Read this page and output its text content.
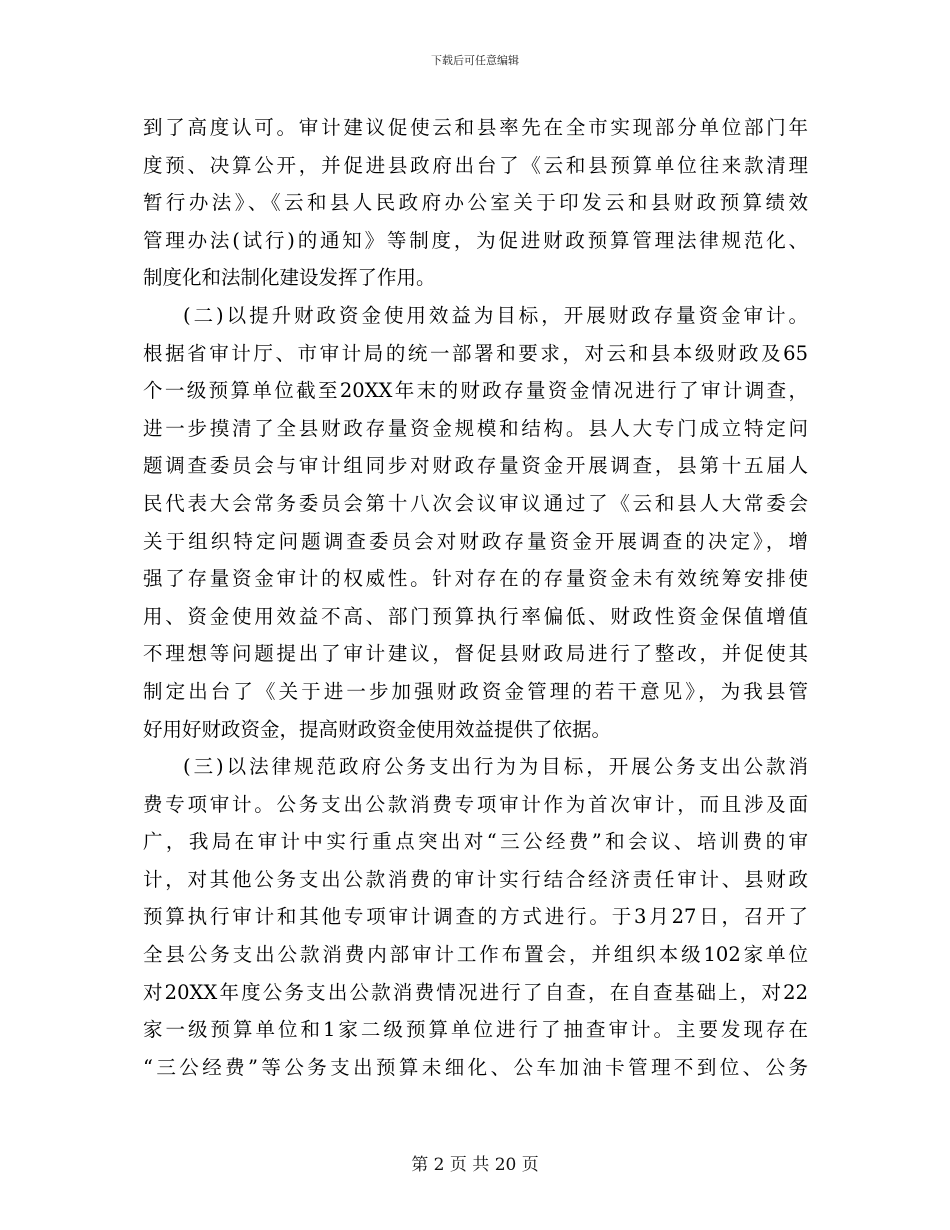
下载后可任意编辑
到了高度认可。审计建议促使云和县率先在全市实现部分单位部门年
度预、决算公开，并促进县政府出台了《云和县预算单位往来款清理
暂行办法》、《云和县人民政府办公室关于印发云和县财政预算绩效
管理办法(试行)的通知》等制度，为促进财政预算管理法律规范化、
制度化和法制化建设发挥了作用。
(二)以提升财政资金使用效益为目标，开展财政存量资金审计。
根据省审计厅、市审计局的统一部署和要求，对云和县本级财政及65
个一级预算单位截至20XX年末的财政存量资金情况进行了审计调查，
进一步摸清了全县财政存量资金规模和结构。县人大专门成立特定问
题调查委员会与审计组同步对财政存量资金开展调查，县第十五届人
民代表大会常务委员会第十八次会议审议通过了《云和县人大常委会
关于组织特定问题调查委员会对财政存量资金开展调查的决定》，增
强了存量资金审计的权威性。针对存在的存量资金未有效统筹安排使
用、资金使用效益不高、部门预算执行率偏低、财政性资金保值增值
不理想等问题提出了审计建议，督促县财政局进行了整改，并促使其
制定出台了《关于进一步加强财政资金管理的若干意见》，为我县管
好用好财政资金，提高财政资金使用效益提供了依据。
(三)以法律规范政府公务支出行为为目标，开展公务支出公款消
费专项审计。公务支出公款消费专项审计作为首次审计，而且涉及面
广，我局在审计中实行重点突出对“三公经费”和会议、培训费的审
计，对其他公务支出公款消费的审计实行结合经济责任审计、县财政
预算执行审计和其他专项审计调查的方式进行。于3月27日，召开了
全县公务支出公款消费内部审计工作布置会，并组织本级102家单位
对20XX年度公务支出公款消费情况进行了自查，在自查基础上，对22
家一级预算单位和1家二级预算单位进行了抽查审计。主要发现存在
“三公经费”等公务支出预算未细化、公车加油卡管理不到位、公务
第 2 页 共 20 页
